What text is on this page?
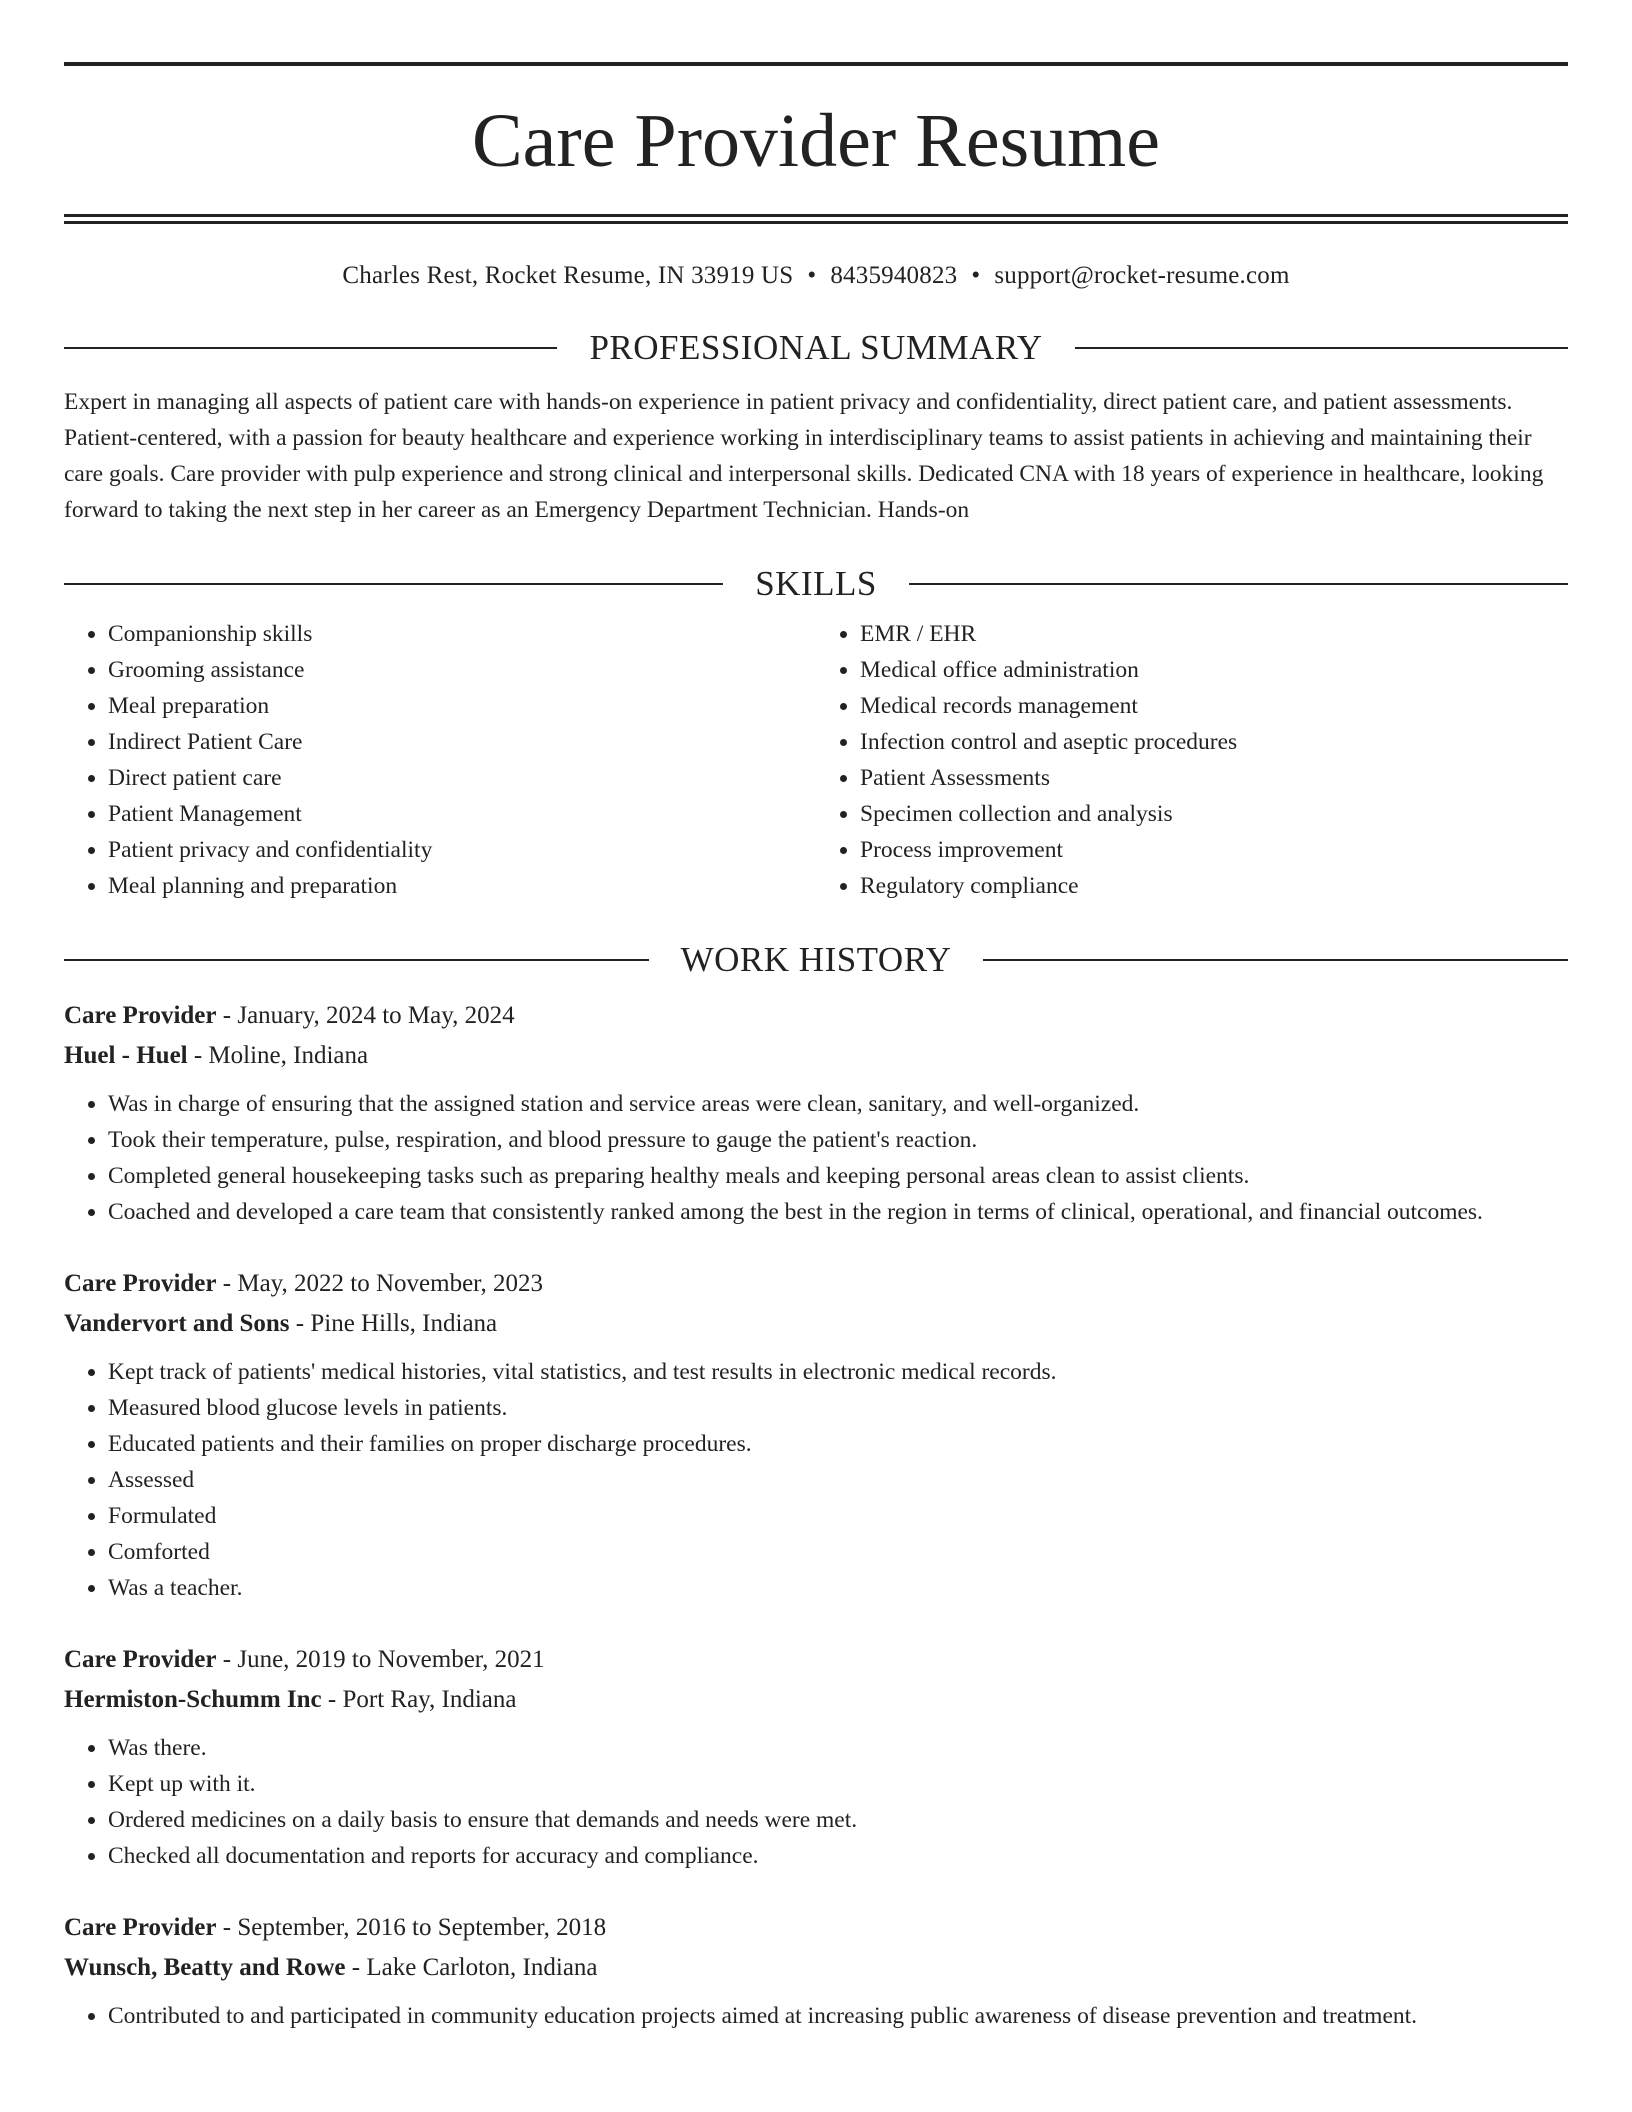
Care Provider Resume
Charles Rest, Rocket Resume, IN 33919 US • 8435940823 • support@rocket-resume.com
PROFESSIONAL SUMMARY
Expert in managing all aspects of patient care with hands-on experience in patient privacy and confidentiality, direct patient care, and patient assessments. Patient-centered, with a passion for beauty healthcare and experience working in interdisciplinary teams to assist patients in achieving and maintaining their care goals. Care provider with pulp experience and strong clinical and interpersonal skills. Dedicated CNA with 18 years of experience in healthcare, looking forward to taking the next step in her career as an Emergency Department Technician. Hands-on
SKILLS
• Companionship skills
• Grooming assistance
• Meal preparation
• Indirect Patient Care
• Direct patient care
• Patient Management
• Patient privacy and confidentiality
• Meal planning and preparation
• EMR / EHR
• Medical office administration
• Medical records management
• Infection control and aseptic procedures
• Patient Assessments
• Specimen collection and analysis
• Process improvement
• Regulatory compliance
WORK HISTORY
Care Provider - January, 2024 to May, 2024
Huel - Huel - Moline, Indiana
• Was in charge of ensuring that the assigned station and service areas were clean, sanitary, and well-organized.
• Took their temperature, pulse, respiration, and blood pressure to gauge the patient's reaction.
• Completed general housekeeping tasks such as preparing healthy meals and keeping personal areas clean to assist clients.
• Coached and developed a care team that consistently ranked among the best in the region in terms of clinical, operational, and financial outcomes.
Care Provider - May, 2022 to November, 2023
Vandervort and Sons - Pine Hills, Indiana
• Kept track of patients' medical histories, vital statistics, and test results in electronic medical records.
• Measured blood glucose levels in patients.
• Educated patients and their families on proper discharge procedures.
• Assessed
• Formulated
• Comforted
• Was a teacher.
Care Provider - June, 2019 to November, 2021
Hermiston-Schumm Inc - Port Ray, Indiana
• Was there.
• Kept up with it.
• Ordered medicines on a daily basis to ensure that demands and needs were met.
• Checked all documentation and reports for accuracy and compliance.
Care Provider - September, 2016 to September, 2018
Wunsch, Beatty and Rowe - Lake Carloton, Indiana
• Contributed to and participated in community education projects aimed at increasing public awareness of disease prevention and treatment.
